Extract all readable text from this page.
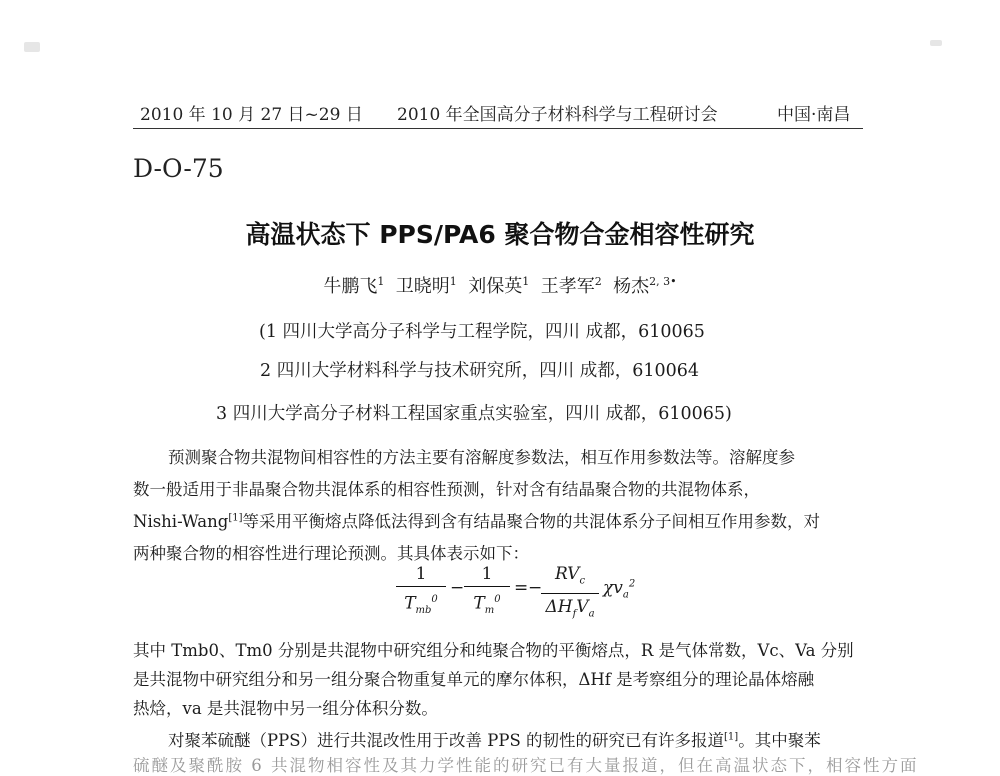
2010 年 10 月 27 日~29 日 2010 年全国高分子材料科学与工程研讨会	中国·南昌
D-O-75
高温状态下 PPS/PA6 聚合物合金相容性研究
牛鹏飞$^1$ 卫晓明$^1$ 刘保英$^1$ 王孝军$^2$ 杨杰$^{2, 3•}$
(1 四川大学高分子科学与工程学院，四川 成都，610065
2 四川大学材料科学与技术研究所，四川 成都，610064
3 四川大学高分子材料工程国家重点实验室，四川 成都，610065)
预测聚合物共混物间相容性的方法主要有溶解度参数法，相互作用参数法等。溶解度参
数一般适用于非晶聚合物共混体系的相容性预测，针对含有结晶聚合物的共混物体系，
Nishi-Wang[1]等采用平衡熔点降低法得到含有结晶聚合物的共混体系分子间相互作用参数，对
两种聚合物的相容性进行理论预测。其具体表示如下：
1
$T_{mb}^0$
−
1
$T_m^0$
= −
$RV_c$
$\Delta H_fV_a$
$\chi v_a^2$
其中 Tmb0、Tm0 分别是共混物中研究组分和纯聚合物的平衡熔点，R 是气体常数，Vc、Va 分别
是共混物中研究组分和另一组分聚合物重复单元的摩尔体积，ΔHf 是考察组分的理论晶体熔融
热焓，va 是共混物中另一组分体积分数。
对聚苯硫醚（PPS）进行共混改性用于改善 PPS 的韧性的研究已有许多报道[1]。其中聚苯
硫醚及聚酰胺 6 共混物相容性及其力学性能的研究已有大量报道，但在高温状态下，相容性方面
